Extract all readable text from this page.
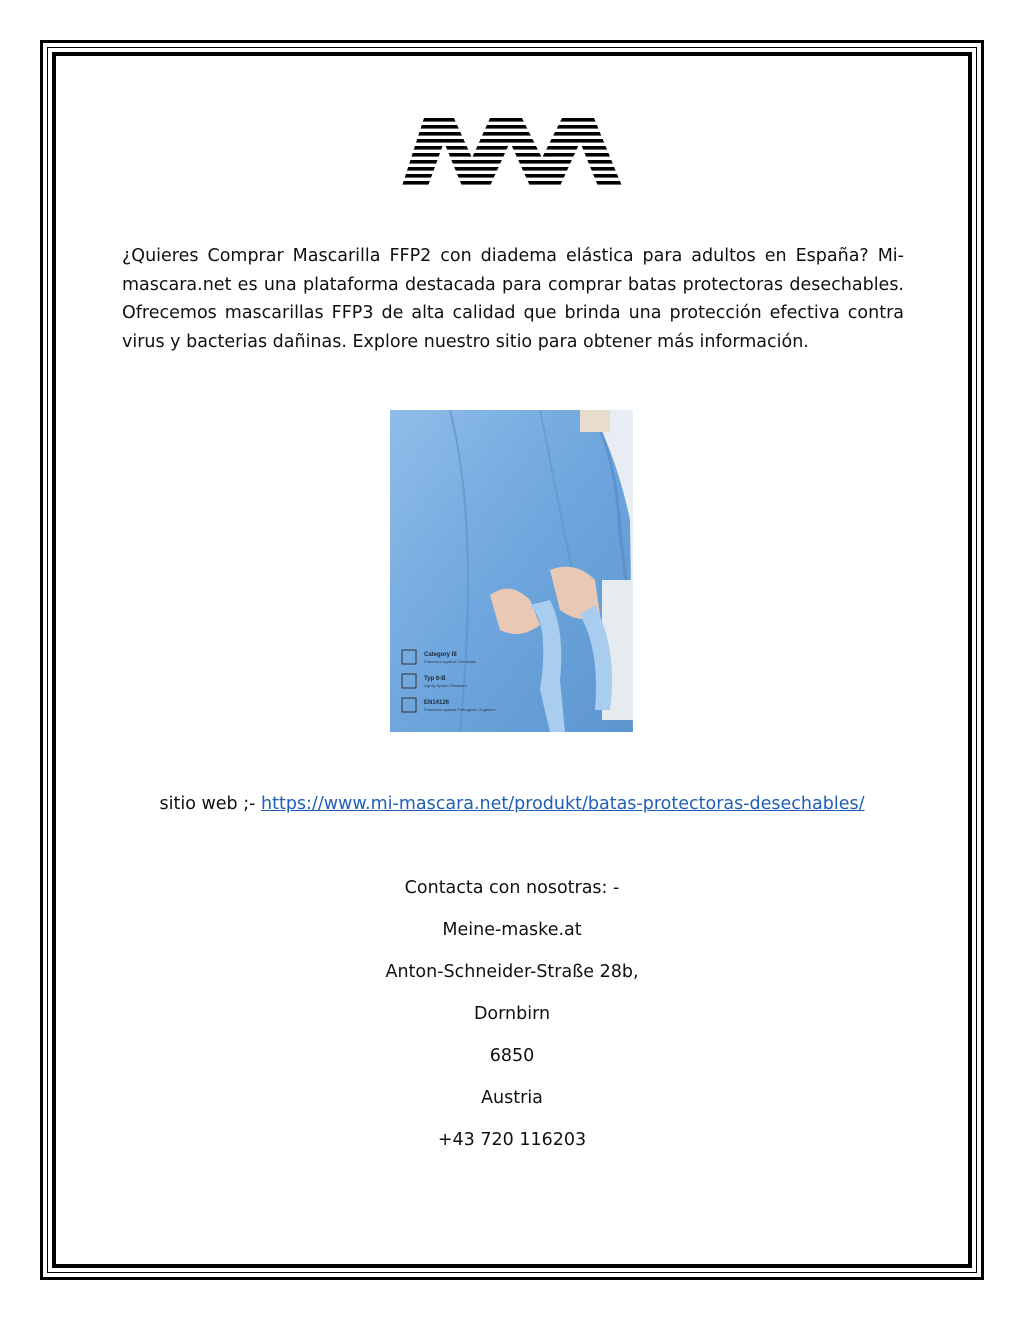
¿Quieres Comprar Mascarilla FFP2 con diadema elástica para adultos en España? Mi-mascara.net es una plataforma destacada para comprar batas protectoras desechables. Ofrecemos mascarillas FFP3 de alta calidad que brinda una protección efectiva contra virus y bacterias dañinas. Explore nuestro sitio para obtener más información.

Category III
Protection against Chemicals
Typ 6-B
Lightly Splash Resistant
EN14126
Protection against Pathogenic Organism
sitio web ;- https://www.mi-mascara.net/produkt/batas-protectoras-desechables/

Contacta con nosotras: -

Meine-maske.at

Anton-Schneider-Straße 28b,

Dornbirn

6850

Austria

+43 720 116203
